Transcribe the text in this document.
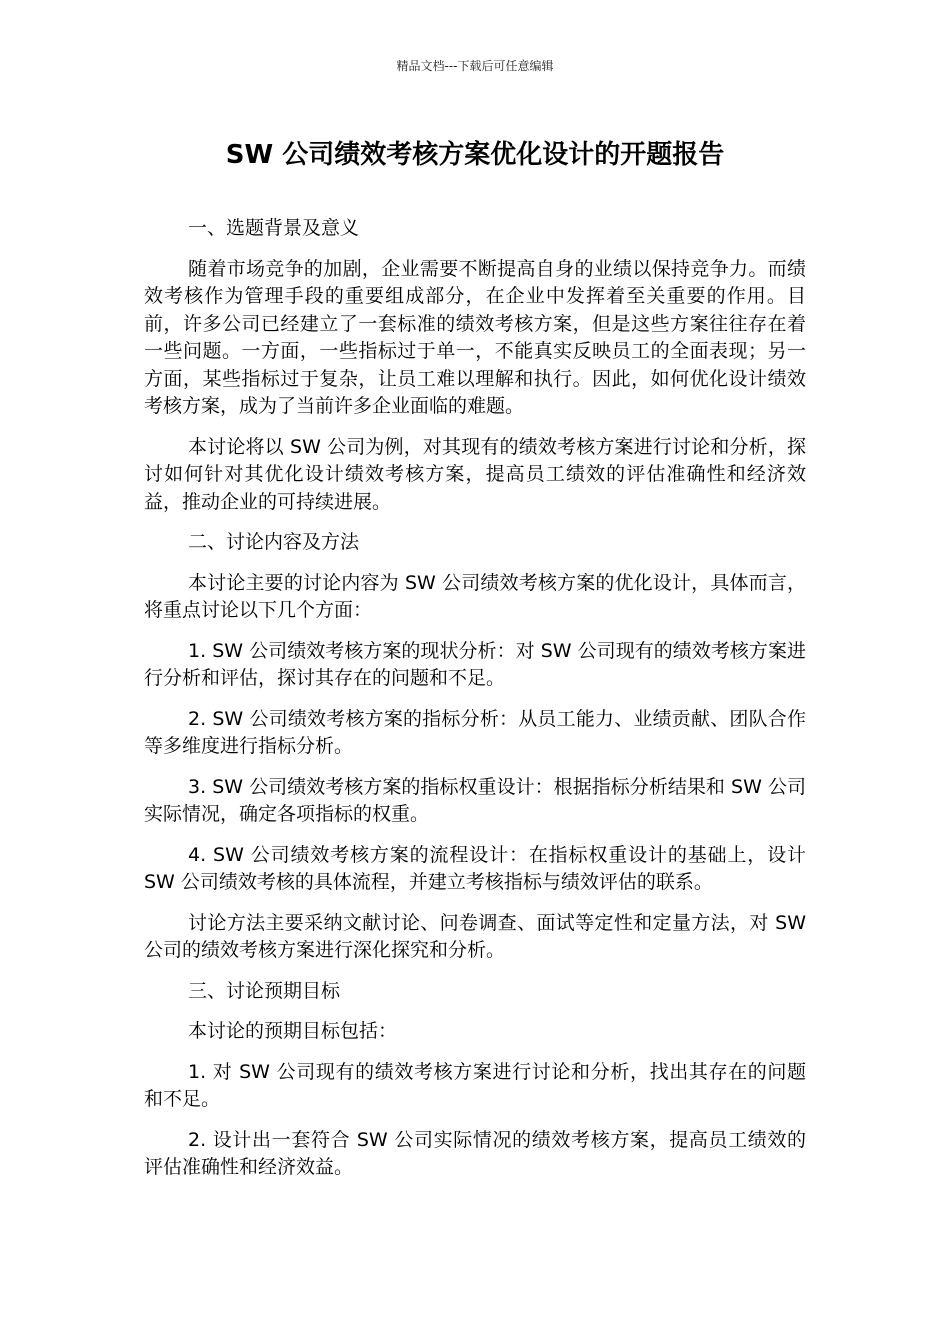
精品文档---下载后可任意编辑
SW 公司绩效考核方案优化设计的开题报告

一、选题背景及意义

随着市场竞争的加剧，企业需要不断提高自身的业绩以保持竞争力。而绩效考核作为管理手段的重要组成部分，在企业中发挥着至关重要的作用。目前，许多公司已经建立了一套标准的绩效考核方案，但是这些方案往往存在着一些问题。一方面，一些指标过于单一，不能真实反映员工的全面表现；另一方面，某些指标过于复杂，让员工难以理解和执行。因此，如何优化设计绩效考核方案，成为了当前许多企业面临的难题。

本讨论将以 SW 公司为例，对其现有的绩效考核方案进行讨论和分析，探讨如何针对其优化设计绩效考核方案，提高员工绩效的评估准确性和经济效益，推动企业的可持续进展。

二、讨论内容及方法

本讨论主要的讨论内容为 SW 公司绩效考核方案的优化设计，具体而言，将重点讨论以下几个方面：

1. SW 公司绩效考核方案的现状分析：对 SW 公司现有的绩效考核方案进行分析和评估，探讨其存在的问题和不足。

2. SW 公司绩效考核方案的指标分析：从员工能力、业绩贡献、团队合作等多维度进行指标分析。

3. SW 公司绩效考核方案的指标权重设计：根据指标分析结果和 SW 公司实际情况，确定各项指标的权重。

4. SW 公司绩效考核方案的流程设计：在指标权重设计的基础上，设计 SW 公司绩效考核的具体流程，并建立考核指标与绩效评估的联系。

讨论方法主要采纳文献讨论、问卷调查、面试等定性和定量方法，对 SW 公司的绩效考核方案进行深化探究和分析。

三、讨论预期目标

本讨论的预期目标包括：

1. 对 SW 公司现有的绩效考核方案进行讨论和分析，找出其存在的问题和不足。

2. 设计出一套符合 SW 公司实际情况的绩效考核方案，提高员工绩效的评估准确性和经济效益。
